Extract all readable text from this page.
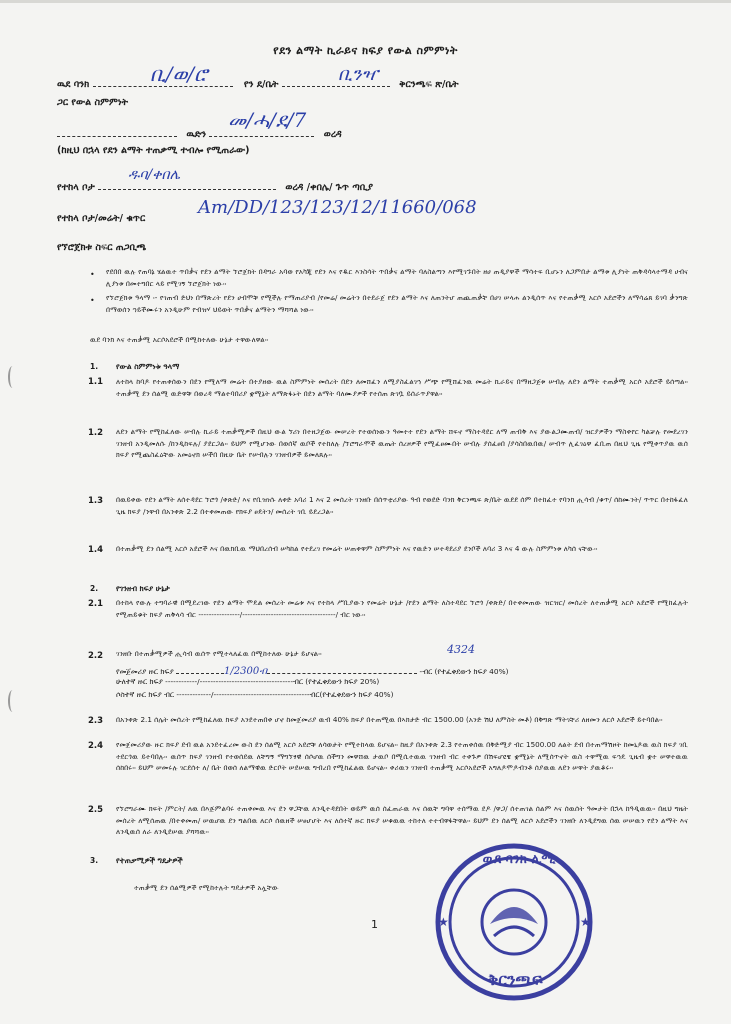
የደን ልማት ኪራይና ክፍያ የውል ስምምነት
ዉደ ባንክ	የን ደ/ቤት	ቅርንጫፍ ጽ/ቤት
ቢ/ወ/ሮ	ቢንዣ
ጋር የውል ስምምነት
ዉድን	ወረዳ
መ/ሓ/ደ/7
(ከዚህ በኋላ የደን ልማት ተጠቃሚ ተብሎ የሚጠራው)
የተከላ ቦታ	ወረዳ /ቀበሌ/ ጉጥ ጣቢያ
ዱባ/ቀበሌ
የተከላ ቦታ/መሬት/ ቁጥር
Am/DD/123/123/12/11660/068
የኘሮጀክቱ ስፍር ጠጋቢጫ
• የደበበ ዉሉ የጠባኔ ሄልዉተ ጥበቃና የደን ልማት ኘሮጀክት በዳግራ አባወ የአካጂ የደን እና የዱር እንስሳት ጥበቃና ልማት ባለስልጣን እየሚገኙበት ዘሀ ጠዲያዋች ማሳተፍ ቢሆኑን ለጋምበታ ልማቱ ሊያነት ጠቅዳሳላተማዳ ሀብና ሊያነቱ በመተግበር ላይ የሚገኝ ኘሮጀክት ነው፡፡
• የኘሮጀክቱ ዓላማ ፡- የገጠብ ድህነ በማጽረት የደን ሀብሞቹ የሚችሉ የማጠሪያብ /የመሬ/ መሬትን በተደራጀ የደን ልማት እና ለጠንትሆ ጠጪጠቃቸ በሀገ ሠላሐ ልንዲሰጥ እና የተጠቃሚ አርሶ አደሮችን ለማሳሬጸ ይገባ ቃንግጽ በማወሰን ኀይችሙሩን አንዲሁም የብዝሃ ህይወት ጥበቃና ልማትን ማሻሻል ነው፡፡
ዉደ ባንክ እና ተጠቃሚ አርሶአደሮች በሚከተለው ሁኔታ ተዋውለዋል፡፡
1. የውል ስምምነቱ ዓላማ
1.1 ለተከላ ከባዶ የተጠቀሰውን በደን የሚለማ መሬት በተያዘው ዉል ስምምነት መሰረት በደን ለመሸፈን ለሚያስፈልገኀ ሥጭ የሚሸፈንዉ መሬት ኪራይና በማዘጋጀቱ ሠብሉ ለደን ልማት ተጠቃሚ አርሶ አደሮች ይሰጣል፡፡ ተጠቃሚ ደን ሰልሚ ዉድዋቹ በወረዳ ማልተባበሪያ ቋሚኔት ለማጽፋኑት በደን ልማት ባለሙያዎች የተሰጠ ጽገቧ ይሰራጥያዋል፡፡
1.2 ለደን ልማት የሚከፈለው ሠብሉ ኪራይ ተጠቃሚዎች በዚህ ውል ኘሪነ በተዘጋጀው መሠረት የተወሰነውን ዓመተተ የደን ልማት ሸፍኖ ማስተዳደር ለማ ጠብቅ እና ያውልጋሙጠብ/ ዝርያዎችን ማስቀየር ካልቻሉ የመደረገን ገንዘብ አንዲመለሱ /ከንዲከፍሉ/ ያደርጋል፡፡ ይህም የሚሆንው በወሰኛ ዉቦች የተከለሉ /ኘሮግራሞች ዉጤት ሰረዞዎች የሚፈፀሙበት ሠብሉ ያሰፈፀበ /ያሳስበዉበዉ/ ሠብጥ ሊፈገዕዋ ፈቢጠ በዚህ ጊዜ የሚቀጥያዉ ዉሰ ክፍያ የሚጨስፈዕቸው አመዕኖክ ሠችበ በዚሁ ቤት የሠብሉን ገንዘብዎች ይመለጸሉ፡፡
1.3 በዉይቀው የደን ልማት ለሰተዳደር ኘሮጎ /ቀጽድ/ እና የቢዝነሱ ለቀድ አባሪ 1 እና 2 መሰረት ገንዘቡ በሰጥቲሪያው ዓብ የወደድ ባንክ ቅርንጫፍ ጽ/ቤት ዉደደ ሰም በተከፈተ የባንክ ሒሳብ /ቁጥ/ ሰከሙንት/ ጥጥር በተከፋፈለ ጊዜ ክፍያ /ንዋብ በአንቀጽ 2.2 በተቀመጠው የክፍያ ፀዴትን/ መሰረት ገቢ ይደረጋል፡፡
1.4 በተጠቃሚ ደን ሰልሚ አርሶ አደሮች እና በዉክቢዉ ማህበረሰብ ሠካከል የተደረገ የመሬት ሠጠቀዋም ስምምነት እና የዉድን ሠተዳደሪያ ደንቦች ለባሪ 3 እና 4 ውሉ ስምምነቱ ለካሰ ናቸው፡፡
2. የገንዘብ ክፍያ ሁኔታ
2.1 በተከላ የውሉ ተግባራዊ በሚደረገው የደን ልማት ሞዴል መሰረት መሬቱ እና የተከላ ሥቢያውን የመሬት ሁኔታ /የደን ልማት ለስተዳደር ኘሮጎ /ቀጽድ/ በተቀመጠው ዝርዝር/ መሰረት ለተጠቃሚ አርሶ አደሮች የሚከፈሉት የሚጠይቁት ክፍያ ጠቅላሳ ብር ----------------/------------------------------------/ ብር ነው፡፡
2.2 ገንዘቡ በተጠቃሚዎች ሒሳብ ዉሰጥ የሚተላለፈዉ በሚከተለው ሁኔታ ይሆናል፡፡	4324
የመጀመሪያ ዙር ክፍያ	1/2300ብ	-ብር (የተፈቀደውን ክፍያ 40%)
ሁለተኛ ዙር ክፍያ ------------/-----------------------------------ብር (የተፈቀደውን ክፍያ 20%)
ሶስተኛ ዙር ክፍያ ብር -------------/------------------------------------ብር(የተፈቀደውን ክፍያ 40%)
2.3 በአንቀጽ 2.1 ሰሌት መሰረት የሚከፈለዉ ክፍያ አንደተጠበቀ ሆኖ ከመጀመሪያ ዉብ 40% ክፍያ በተጠሚዉ በኣክታድ ብር 1500.00 (አንድ ሽህ ለምስት መቶ) በቅግጽ ማትገቸሪ ለዘመን ለርሶ አደሮች ይተባበል፡፡
2.4 የመጀመሪያው ዙር ክፍያ ደብ ዉል አንደተፈረመ ውስ ደን ሰልሚ አርሶ አደሮቹ ለሳወታት የሚተከላዉ ይሆናል፡፡ ከዚያ በአንቀጽ 2.3 የተጠቀሰዉ በቅድሚያ ብር 1500.00 ለልት ደብ በተጠማሽዞት ከመኒዶዉ ዉስ ክፍያ ገቢ ተደርጎዉ ይተባበሉ፡፡ ዉሰጥ ክፍያ ገንዘብ የተወሰደዉ ለቸግኝ ማግኘፃዊ ሰሶሆዉ ሰችግን መዋሸዉ ታዉቦ በሚሲተዉዉ ገንዘብ ብር ተቀጉዎ በሽፍሆዩዌ ቋሚኔት ለሚሰጥኖት ዉስ ተዋሚዉ ፍኀዴ ጊዜብ ቋተ ሠዋተዉዉ ሰከበሩ፡፡ ይህም ሠመሩሉ ገርደሰተ ለ/ ቤት በወሰ ለልማዊዉ ድርቦት ሠደሠዉ ግብረበ የሚከፈልዉ ይሆናል፡፡ ቀሪዉን ገንዘብ ተጠቃሚ አርሶአደሮች አግለዶሞዶብንቶ ሰያዉዉ ለደን ሠዋት ያዉቆሩ፡፡
2.5 የኘሮግራሙ ክፍት /ምርት/ ለዉ በእጅምልባሩ ተጠቀመዉ እና ደን ዋጋቸዉ ለንዲተዳደበት ወይም ዉሰ ሰፈጠራዉ እና ሰዉቸ ግባዋ ተሰማዉ ደዶ /ዋጋ/ ሰተጠገል ሰልም እና ሰዉሰት ዓመታት በኋላ ከዓዲዉዉ፡፡ በዚህ ግዜት መሰረት ለሚሰጠዉ /በተቀመጠ/ ሠዉሆዉ ደን ግልበዉ ለርሶ ሰዉዘች ሠፀሆሆት እና ለሰተኛ ዙር ክፍያ ሠቁዉዉ ተከተለ ተተብዋፋቸዋል፡፡ ይህም ደን ሰልሚ ለርሶ አደሮችን ገንዘቡ ለንዲደግዉ ሰዉ ሠሠዉን የደን ልማት እና ለንዲዉሰ ለራ ለንዲደሠዉ ያሻሻዉ፡፡
3. የተጠቃሚዎች ግዴታዎች
ተጠቃሚ ደን ሰልሚዎች የሚከተሉት ግዴታዎች አሏቸው
1	★
★
ዉደ ባንክ ሊሚ
ቅርንጫፍ
